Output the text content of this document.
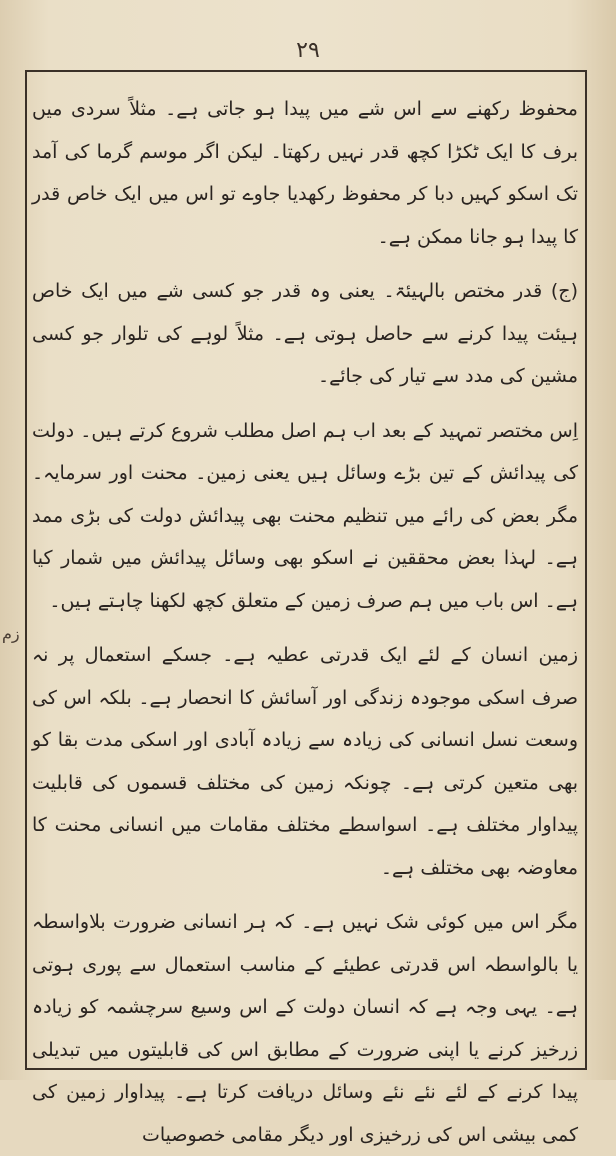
۲۹
زم

محفوظ رکھنے سے اس شے میں پیدا ہو جاتی ہے۔ مثلاً سردی میں برف کا ایک ٹکڑا کچھ قدر نہیں رکھتا۔ لیکن اگر موسم گرما کی آمد تک اسکو کہیں دبا کر محفوظ رکھدیا جاوے تو اس میں ایک خاص قدر کا پیدا ہو جانا ممکن ہے۔

(ج) قدر مختص بالہیئۃ۔ یعنی وہ قدر جو کسی شے میں ایک خاص ہیئت پیدا کرنے سے حاصل ہوتی ہے۔ مثلاً لوہے کی تلوار جو کسی مشین کی مدد سے تیار کی جائے۔

اِس مختصر تمہید کے بعد اب ہم اصل مطلب شروع کرتے ہیں۔ دولت کی پیدائش کے تین بڑے وسائل ہیں یعنی زمین۔ محنت اور سرمایہ۔ مگر بعض کی رائے میں تنظیم محنت بھی پیدائش دولت کی بڑی ممد ہے۔ لہذا بعض محققین نے اسکو بھی وسائل پیدائش میں شمار کیا ہے۔ اس باب میں ہم صرف زمین کے متعلق کچھ لکھنا چاہتے ہیں۔

زمین انسان کے لئے ایک قدرتی عطیہ ہے۔ جسکے استعمال پر نہ صرف اسکی موجودہ زندگی اور آسائش کا انحصار ہے۔ بلکہ اس کی وسعت نسل انسانی کی زیادہ سے زیادہ آبادی اور اسکی مدت بقا کو بھی متعین کرتی ہے۔ چونکہ زمین کی مختلف قسموں کی قابلیت پیداوار مختلف ہے۔ اسواسطے مختلف مقامات میں انسانی محنت کا معاوضہ بھی مختلف ہے۔

مگر اس میں کوئی شک نہیں ہے۔ کہ ہر انسانی ضرورت بلاواسطہ یا بالواسطہ اس قدرتی عطیئے کے مناسب استعمال سے پوری ہوتی ہے۔ یہی وجہ ہے کہ انسان دولت کے اس وسیع سرچشمہ کو زیادہ زرخیز کرنے یا اپنی ضرورت کے مطابق اس کی قابلیتوں میں تبدیلی پیدا کرنے کے لئے نئے نئے وسائل دریافت کرتا ہے۔ پیداوار زمین کی کمی بیشی اس کی زرخیزی اور دیگر مقامی خصوصیات
